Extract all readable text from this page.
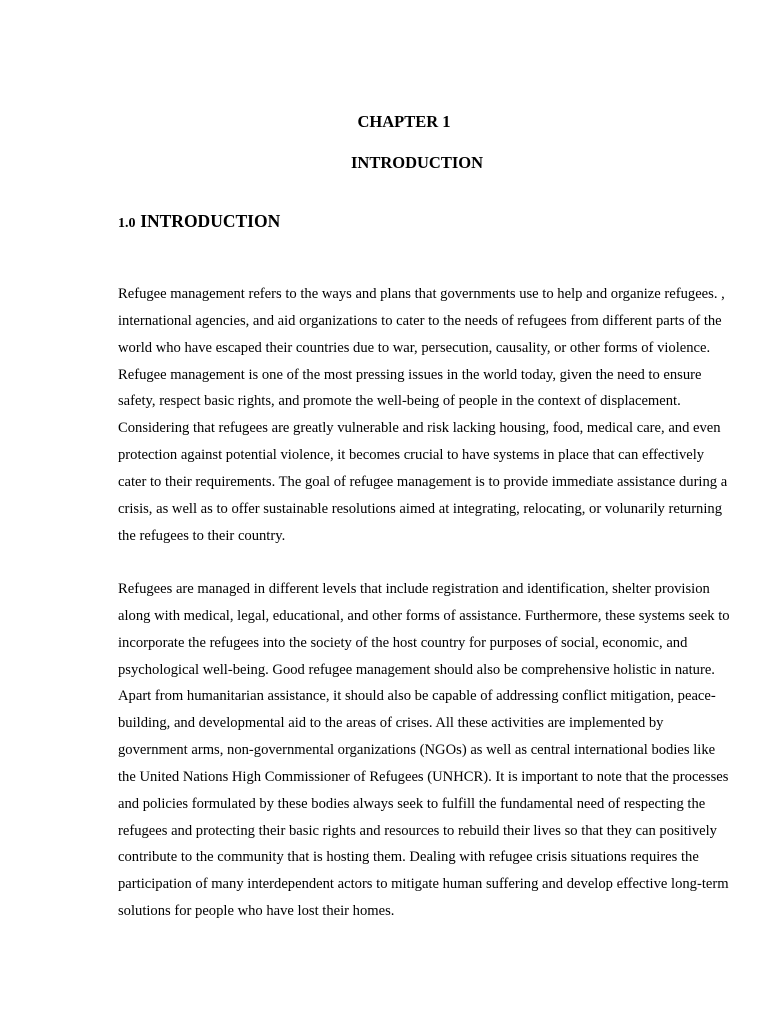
CHAPTER 1
INTRODUCTION
1.0 INTRODUCTION

Refugee management refers to the ways and plans that governments use to help and organize refugees. , international agencies, and aid organizations to cater to the needs of refugees from different parts of the world who have escaped their countries due to war, persecution, causality, or other forms of violence. Refugee management is one of the most pressing issues in the world today, given the need to ensure safety, respect basic rights, and promote the well-being of people in the context of displacement. Considering that refugees are greatly vulnerable and risk lacking housing, food, medical care, and even protection against potential violence, it becomes crucial to have systems in place that can effectively cater to their requirements. The goal of refugee management is to provide immediate assistance during a crisis, as well as to offer sustainable resolutions aimed at integrating, relocating, or volunarily returning the refugees to their country.

Refugees are managed in different levels that include registration and identification, shelter provision along with medical, legal, educational, and other forms of assistance. Furthermore, these systems seek to incorporate the refugees into the society of the host country for purposes of social, economic, and psychological well-being. Good refugee management should also be comprehensive holistic in nature. Apart from humanitarian assistance, it should also be capable of addressing conflict mitigation, peace-building, and developmental aid to the areas of crises. All these activities are implemented by government arms, non-governmental organizations (NGOs) as well as central international bodies like the United Nations High Commissioner of Refugees (UNHCR). It is important to note that the processes and policies formulated by these bodies always seek to fulfill the fundamental need of respecting the refugees and protecting their basic rights and resources to rebuild their lives so that they can positively contribute to the community that is hosting them. Dealing with refugee crisis situations requires the participation of many interdependent actors to mitigate human suffering and develop effective long-term solutions for people who have lost their homes.
